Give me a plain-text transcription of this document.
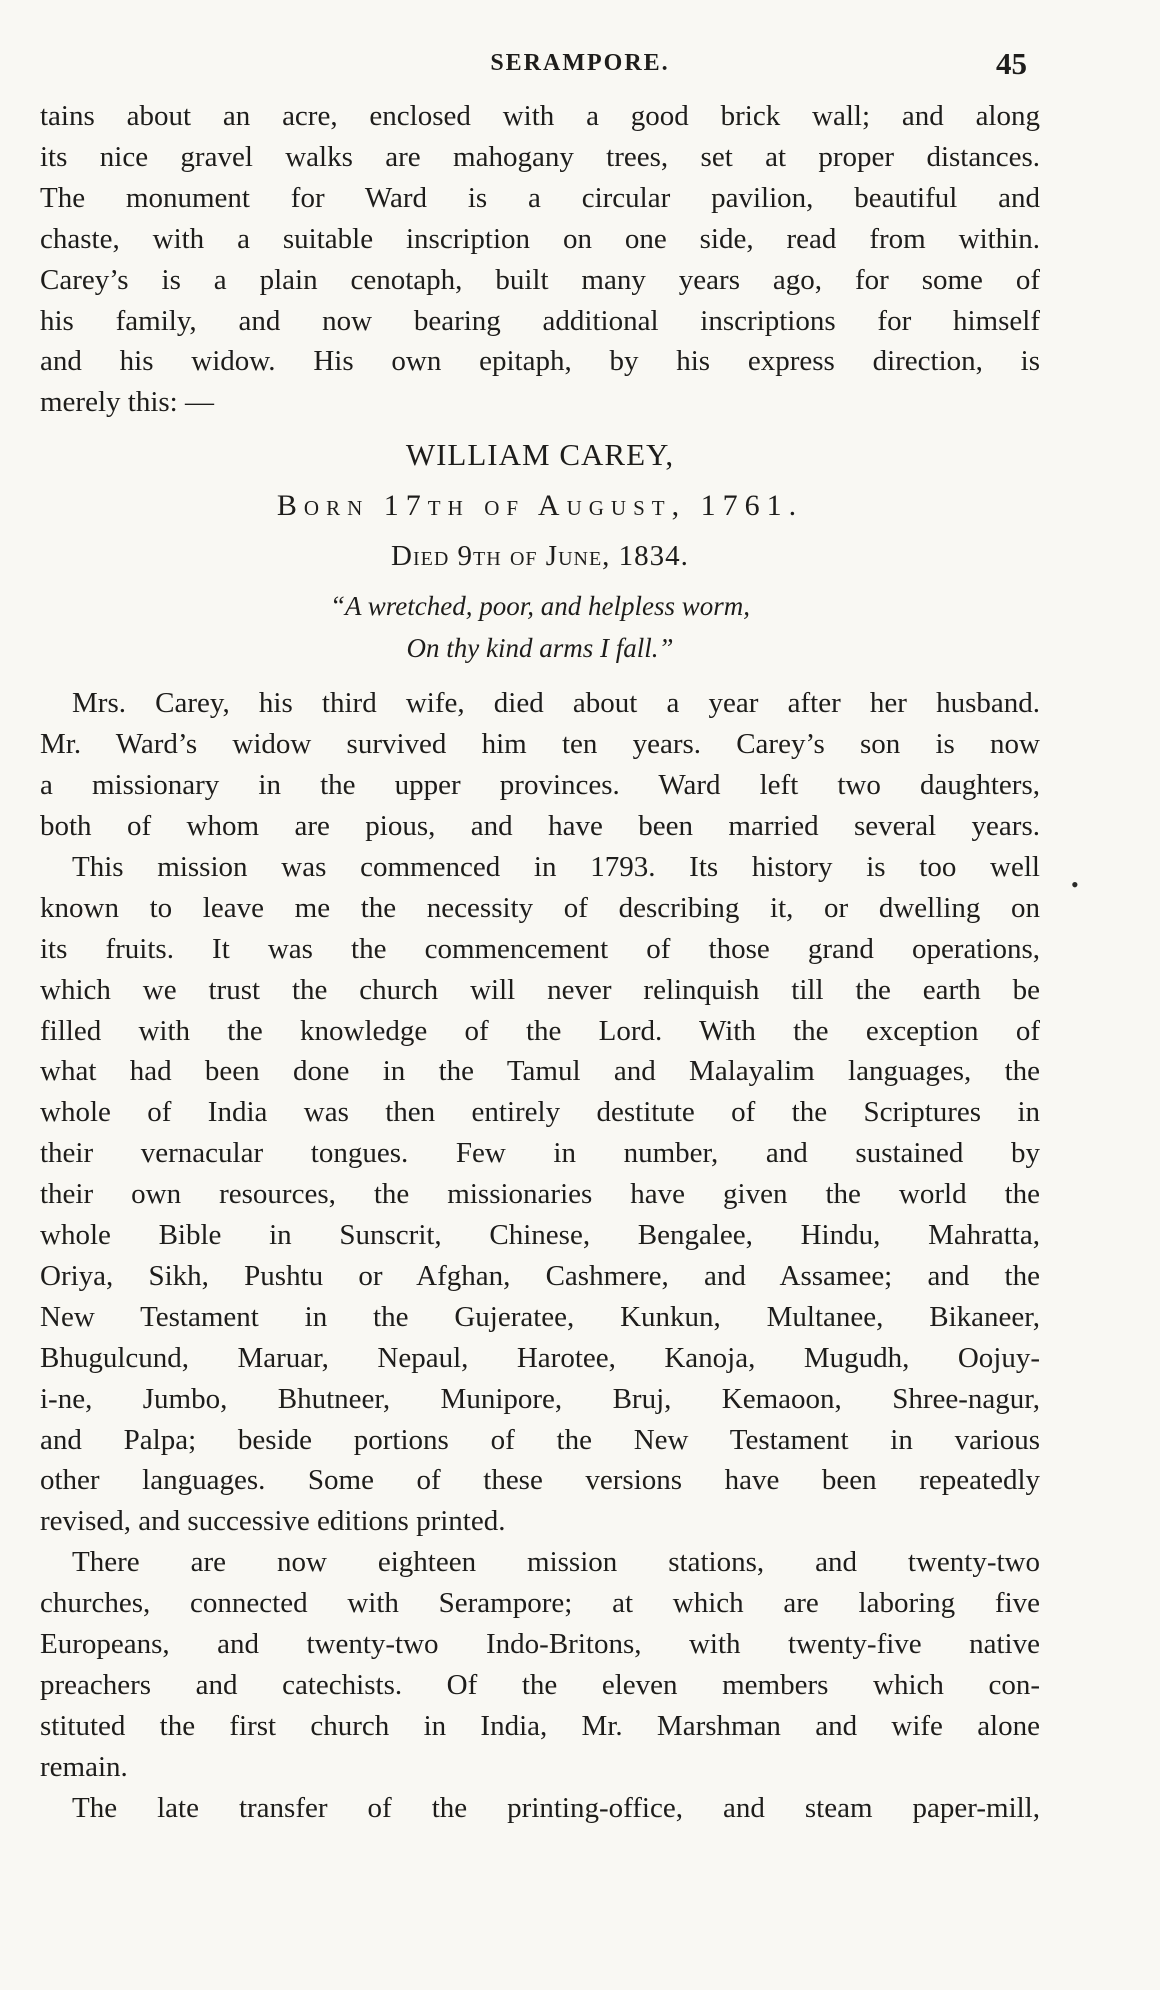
SERAMPORE.	45
tains about an acre, enclosed with a good brick wall; and along
its nice gravel walks are mahogany trees, set at proper distances.
The monument for Ward is a circular pavilion, beautiful and
chaste, with a suitable inscription on one side, read from within.
Carey’s is a plain cenotaph, built many years ago, for some of
his family, and now bearing additional inscriptions for himself
and his widow. His own epitaph, by his express direction, is
merely this: —
WILLIAM CAREY,
Born 17th of August, 1761.
Died 9th of June, 1834.
“A wretched, poor, and helpless worm,
On thy kind arms I fall.”
Mrs. Carey, his third wife, died about a year after her husband.
Mr. Ward’s widow survived him ten years. Carey’s son is now
a missionary in the upper provinces. Ward left two daughters,
both of whom are pious, and have been married several years.
This mission was commenced in 1793. Its history is too well
known to leave me the necessity of describing it, or dwelling on
its fruits. It was the commencement of those grand operations,
which we trust the church will never relinquish till the earth be
filled with the knowledge of the Lord. With the exception of
what had been done in the Tamul and Malayalim languages, the
whole of India was then entirely destitute of the Scriptures in
their vernacular tongues. Few in number, and sustained by
their own resources, the missionaries have given the world the
whole Bible in Sunscrit, Chinese, Bengalee, Hindu, Mahratta,
Oriya, Sikh, Pushtu or Afghan, Cashmere, and Assamee; and the
New Testament in the Gujeratee, Kunkun, Multanee, Bikaneer,
Bhugulcund, Maruar, Nepaul, Harotee, Kanoja, Mugudh, Oojuy-
i-ne, Jumbo, Bhutneer, Munipore, Bruj, Kemaoon, Shree-nagur,
and Palpa; beside portions of the New Testament in various
other languages. Some of these versions have been repeatedly
revised, and successive editions printed.
There are now eighteen mission stations, and twenty-two
churches, connected with Serampore; at which are laboring five
Europeans, and twenty-two Indo-Britons, with twenty-five native
preachers and catechists. Of the eleven members which con-
stituted the first church in India, Mr. Marshman and wife alone
remain.
The late transfer of the printing-office, and steam paper-mill,
•
